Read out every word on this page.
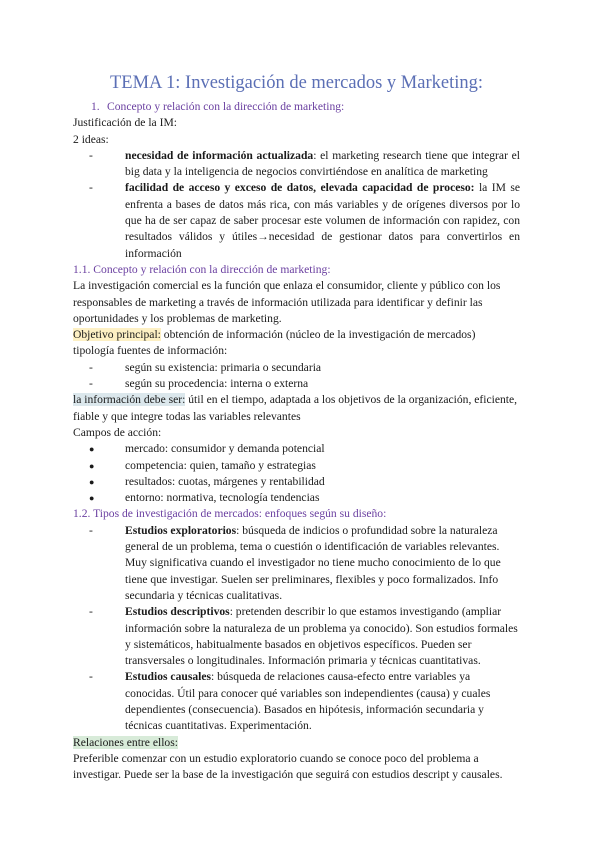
TEMA 1: Investigación de mercados y Marketing:

1. Concepto y relación con la dirección de marketing:

Justificación de la IM:

2 ideas:

- necesidad de información actualizada: el marketing research tiene que integrar el big data y la inteligencia de negocios convirtiéndose en analítica de marketing
- facilidad de acceso y exceso de datos, elevada capacidad de proceso: la IM se enfrenta a bases de datos más rica, con más variables y de orígenes diversos por lo que ha de ser capaz de saber procesar este volumen de información con rapidez, con resultados válidos y útiles→necesidad de gestionar datos para convertirlos en información

1.1. Concepto y relación con la dirección de marketing:

La investigación comercial es la función que enlaza el consumidor, cliente y público con los responsables de marketing a través de información utilizada para identificar y definir las oportunidades y los problemas de marketing.

Objetivo principal: obtención de información (núcleo de la investigación de mercados)

tipología fuentes de información:

- según su existencia: primaria o secundaria
- según su procedencia: interna o externa

la información debe ser: útil en el tiempo, adaptada a los objetivos de la organización, eficiente, fiable y que integre todas las variables relevantes

Campos de acción:

● mercado: consumidor y demanda potencial
● competencia: quien, tamaño y estrategias
● resultados: cuotas, márgenes y rentabilidad
● entorno: normativa, tecnología tendencias

1.2. Tipos de investigación de mercados: enfoques según su diseño:

- Estudios exploratorios: búsqueda de indicios o profundidad sobre la naturaleza general de un problema, tema o cuestión o identificación de variables relevantes. Muy significativa cuando el investigador no tiene mucho conocimiento de lo que tiene que investigar. Suelen ser preliminares, flexibles y poco formalizados. Info secundaria y técnicas cualitativas.
- Estudios descriptivos: pretenden describir lo que estamos investigando (ampliar información sobre la naturaleza de un problema ya conocido). Son estudios formales y sistemáticos, habitualmente basados en objetivos específicos. Pueden ser transversales o longitudinales. Información primaria y técnicas cuantitativas.
- Estudios causales: búsqueda de relaciones causa-efecto entre variables ya conocidas. Útil para conocer qué variables son independientes (causa) y cuales dependientes (consecuencia). Basados en hipótesis, información secundaria y técnicas cuantitativas. Experimentación.

Relaciones entre ellos:

Preferible comenzar con un estudio exploratorio cuando se conoce poco del problema a investigar. Puede ser la base de la investigación que seguirá con estudios descript y causales.
